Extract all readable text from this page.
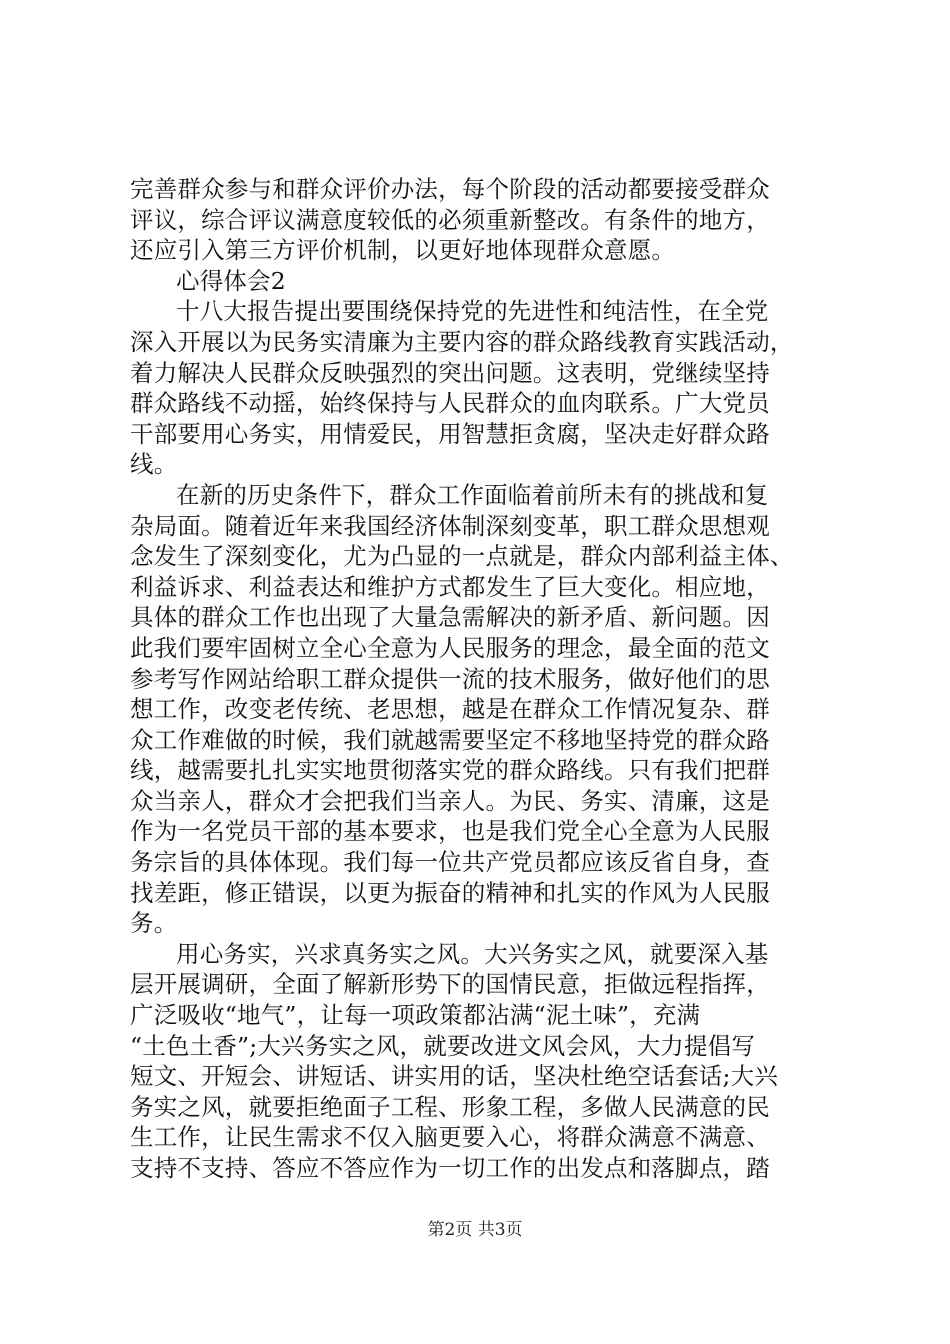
完善群众参与和群众评价办法，每个阶段的活动都要接受群众
评议，综合评议满意度较低的必须重新整改。有条件的地方，
还应引入第三方评价机制，以更好地体现群众意愿。
心得体会2
十八大报告提出要围绕保持党的先进性和纯洁性，在全党
深入开展以为民务实清廉为主要内容的群众路线教育实践活动，
着力解决人民群众反映强烈的突出问题。这表明，党继续坚持
群众路线不动摇，始终保持与人民群众的血肉联系。广大党员
干部要用心务实，用情爱民，用智慧拒贪腐，坚决走好群众路
线。
在新的历史条件下，群众工作面临着前所未有的挑战和复
杂局面。随着近年来我国经济体制深刻变革，职工群众思想观
念发生了深刻变化，尤为凸显的一点就是，群众内部利益主体、
利益诉求、利益表达和维护方式都发生了巨大变化。相应地，
具体的群众工作也出现了大量急需解决的新矛盾、新问题。因
此我们要牢固树立全心全意为人民服务的理念，最全面的范文
参考写作网站给职工群众提供一流的技术服务，做好他们的思
想工作，改变老传统、老思想，越是在群众工作情况复杂、群
众工作难做的时候，我们就越需要坚定不移地坚持党的群众路
线，越需要扎扎实实地贯彻落实党的群众路线。只有我们把群
众当亲人，群众才会把我们当亲人。为民、务实、清廉，这是
作为一名党员干部的基本要求，也是我们党全心全意为人民服
务宗旨的具体体现。我们每一位共产党员都应该反省自身，查
找差距，修正错误，以更为振奋的精神和扎实的作风为人民服
务。
用心务实，兴求真务实之风。大兴务实之风，就要深入基
层开展调研，全面了解新形势下的国情民意，拒做远程指挥，
广泛吸收“地气”，让每一项政策都沾满“泥土味”，充满
“土色土香”;大兴务实之风，就要改进文风会风，大力提倡写
短文、开短会、讲短话、讲实用的话，坚决杜绝空话套话;大兴
务实之风，就要拒绝面子工程、形象工程，多做人民满意的民
生工作，让民生需求不仅入脑更要入心，将群众满意不满意、
支持不支持、答应不答应作为一切工作的出发点和落脚点，踏
第2页 共3页
